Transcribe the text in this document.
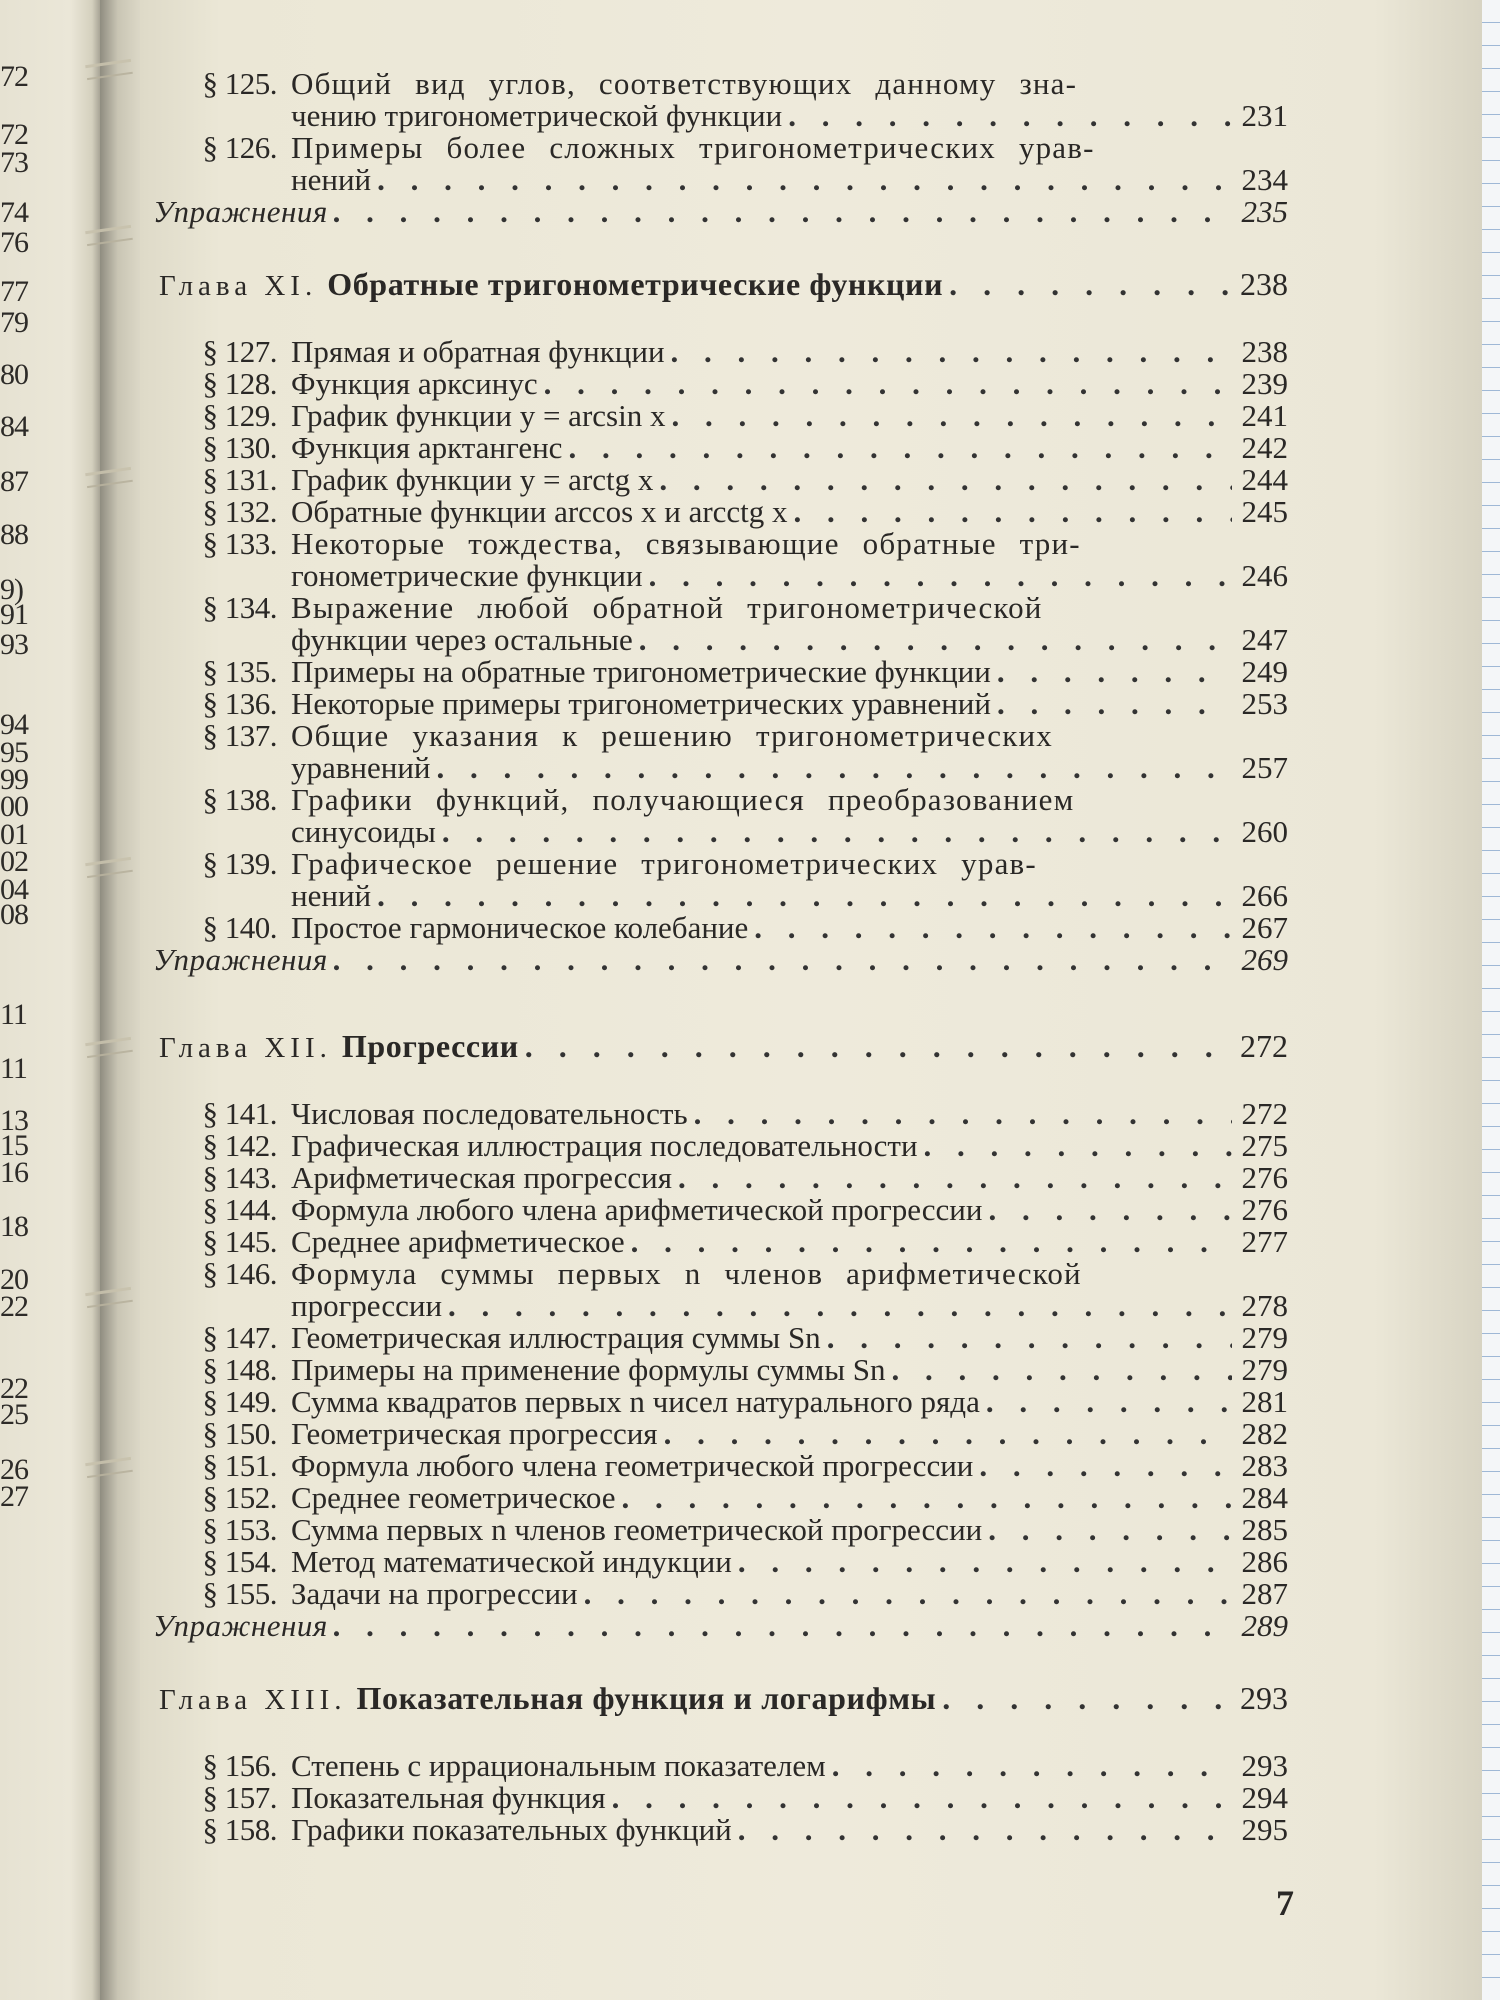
72
72
73
74
76
77
79
80
84
87
88
9)
91
93
94
95
99
00
01
02
04
08
11
11
13
15
16
18
20
22
22
25
26
27
§ 125. Общий вид углов, соответствующих данному зна-
чению тригонометрической функции . . .	231
§ 126. Примеры более сложных тригонометрических урав-
нений . . .	234
Упражнения . . .	235
Глава XI. Обратные тригонометрические функции . . .	238
§ 127. Прямая и обратная функции . . .	238
§ 128. Функция арксинус . . .	239
§ 129. График функции y = arcsin x . . .	241
§ 130. Функция арктангенс . . .	242
§ 131. График функции y = arctg x . . .	244
§ 132. Обратные функции arccos x и arcctg x . . .	245
§ 133. Некоторые тождества, связывающие обратные три-
гонометрические функции . . .	246
§ 134. Выражение любой обратной тригонометрической
функции через остальные . . .	247
§ 135. Примеры на обратные тригонометрические функции . . .	249
§ 136. Некоторые примеры тригонометрических уравнений . . .	253
§ 137. Общие указания к решению тригонометрических
уравнений . . .	257
§ 138. Графики функций, получающиеся преобразованием
синусоиды . . .	260
§ 139. Графическое решение тригонометрических урав-
нений . . .	266
§ 140. Простое гармоническое колебание . . .	267
Упражнения . . .	269
Глава XII. Прогрессии . . .	272
§ 141. Числовая последовательность . . .	272
§ 142. Графическая иллюстрация последовательности . . .	275
§ 143. Арифметическая прогрессия . . .	276
§ 144. Формула любого члена арифметической прогрессии . . .	276
§ 145. Среднее арифметическое . . .	277
§ 146. Формула суммы первых n членов арифметической
прогрессии . . .	278
§ 147. Геометрическая иллюстрация суммы Sn . . .	279
§ 148. Примеры на применение формулы суммы Sn . . .	279
§ 149. Сумма квадратов первых n чисел натурального ряда . . .	281
§ 150. Геометрическая прогрессия . . .	282
§ 151. Формула любого члена геометрической прогрессии . . .	283
§ 152. Среднее геометрическое . . .	284
§ 153. Сумма первых n членов геометрической прогрессии . . .	285
§ 154. Метод математической индукции . . .	286
§ 155. Задачи на прогрессии . . .	287
Упражнения . . .	289
Глава XIII. Показательная функция и логарифмы . . .	293
§ 156. Степень с иррациональным показателем . . .	293
§ 157. Показательная функция . . .	294
§ 158. Графики показательных функций . . .	295
7
